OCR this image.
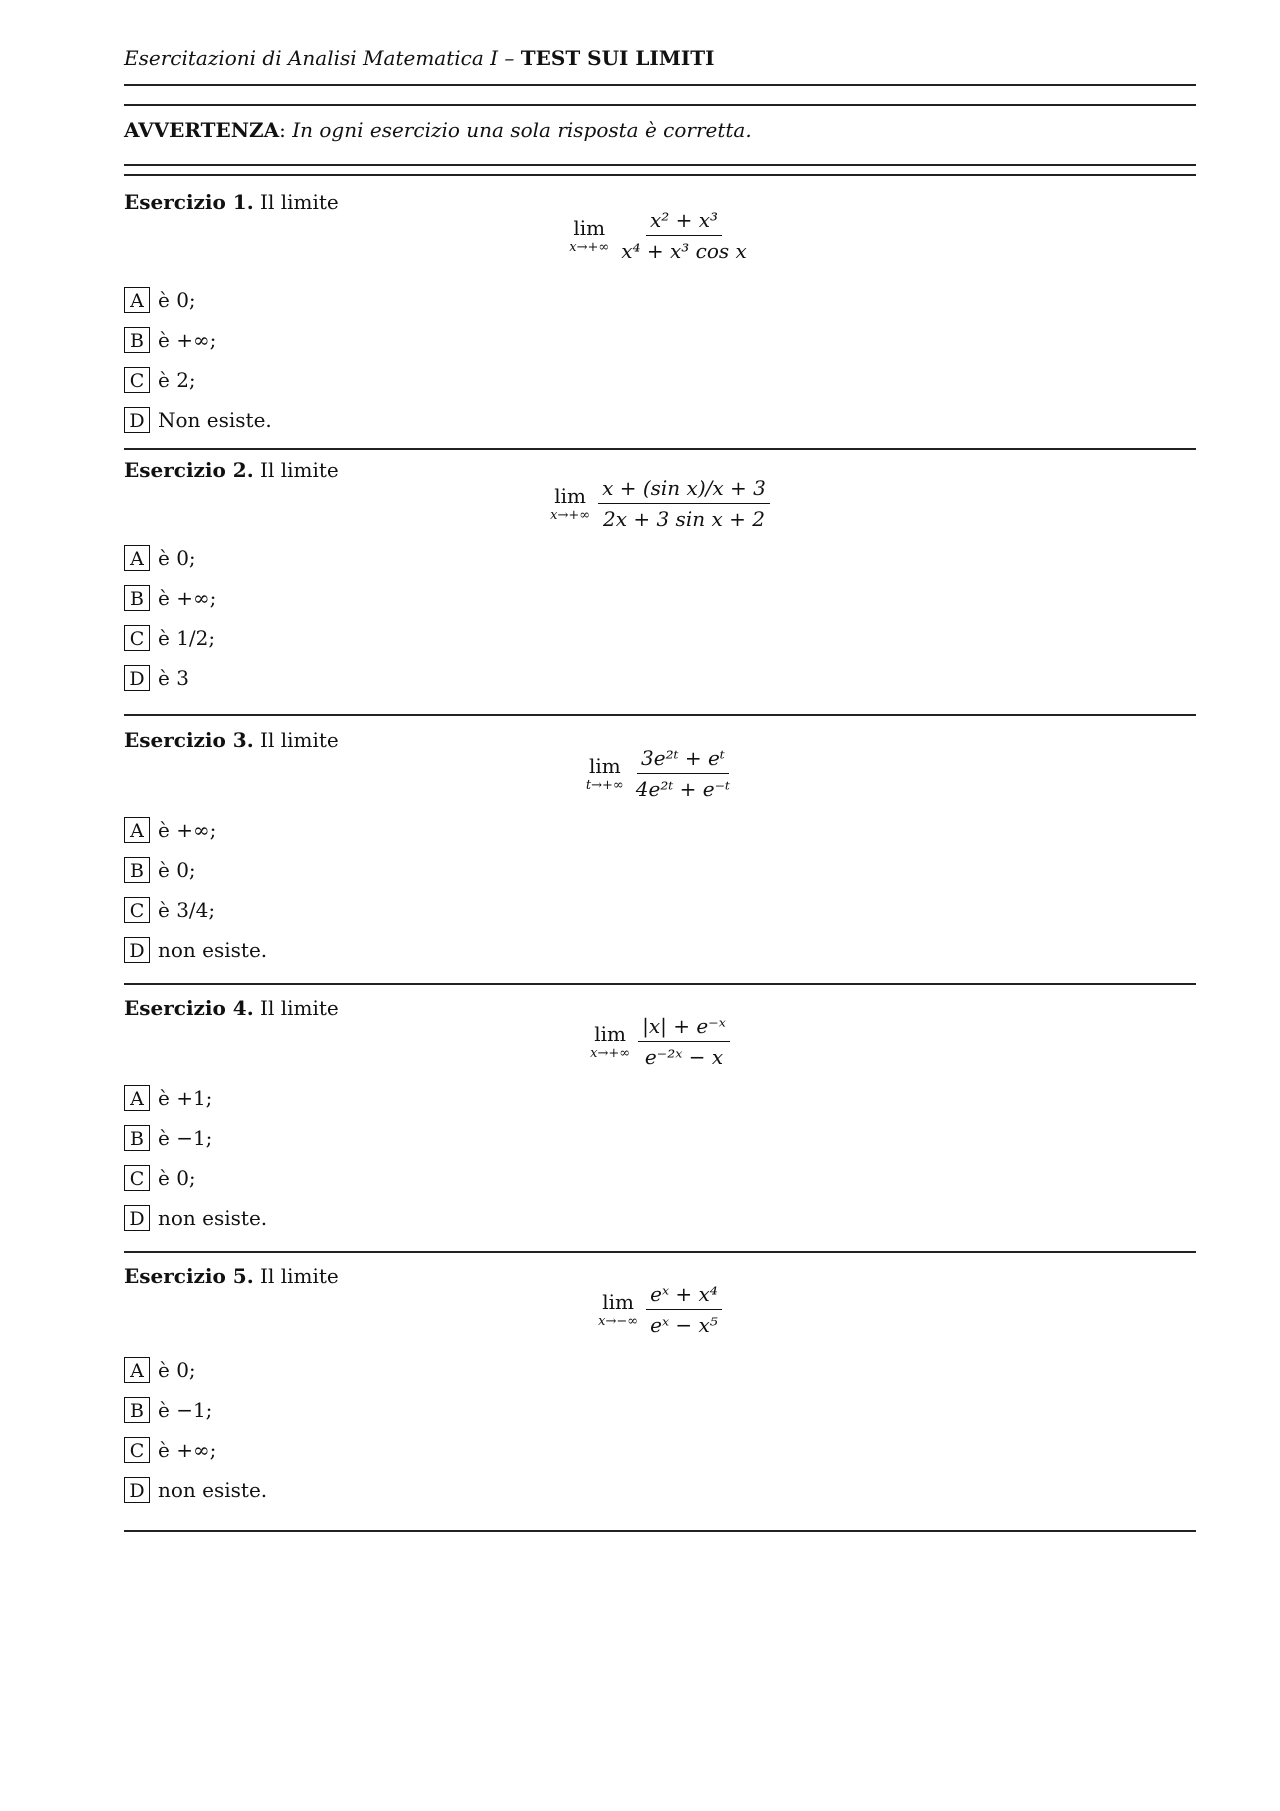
Esercitazioni di Analisi Matematica I – TEST SUI LIMITI
AVVERTENZA: In ogni esercizio una sola risposta è corretta.
Esercizio 1. Il limite
lim
$x\to+\infty \frac{\text{x² + x³}}{\text{x⁴ + x³ cos x}}$
A è 0;
B è +∞;
C è 2;
D Non esiste.
Esercizio 2. Il limite
lim
$x\to+\infty \frac{\text{x + (sin x)/x + 3}}{\text{2x + 3 sin x + 2}}$
A è 0;
B è +∞;
C è 1/2;
D è 3
Esercizio 3. Il limite
lim
$t\to+\infty \frac{\text{3e²ᵗ + eᵗ}}{\text{4e²ᵗ + e⁻ᵗ}}$
A è +∞;
B è 0;
C è 3/4;
D non esiste.
Esercizio 4. Il limite
lim
$x\to+\infty \frac{\text{|x| + e⁻ˣ}}{\text{e⁻²ˣ − x}}$
A è +1;
B è −1;
C è 0;
D non esiste.
Esercizio 5. Il limite
lim
$x\to-\infty \frac{\text{eˣ + x⁴}}{\text{eˣ − x⁵}}$
A è 0;
B è −1;
C è +∞;
D non esiste.
